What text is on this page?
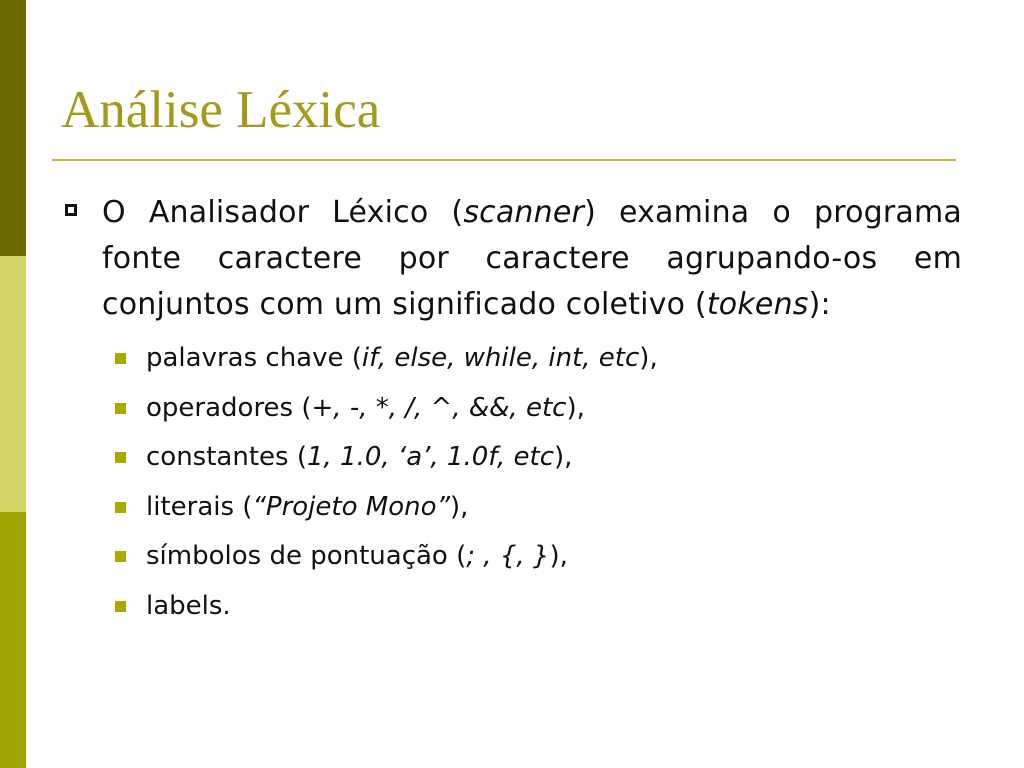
Análise Léxica
O Analisador Léxico (scanner) examina o programa fonte caractere por caractere agrupando-os em conjuntos com um significado coletivo (tokens):
palavras chave (if, else, while, int, etc),
operadores (+, -, *, /, ^, &&, etc),
constantes (1, 1.0, ‘a’, 1.0f, etc),
literais (“Projeto Mono”),
símbolos de pontuação (; , {, }),
labels.
